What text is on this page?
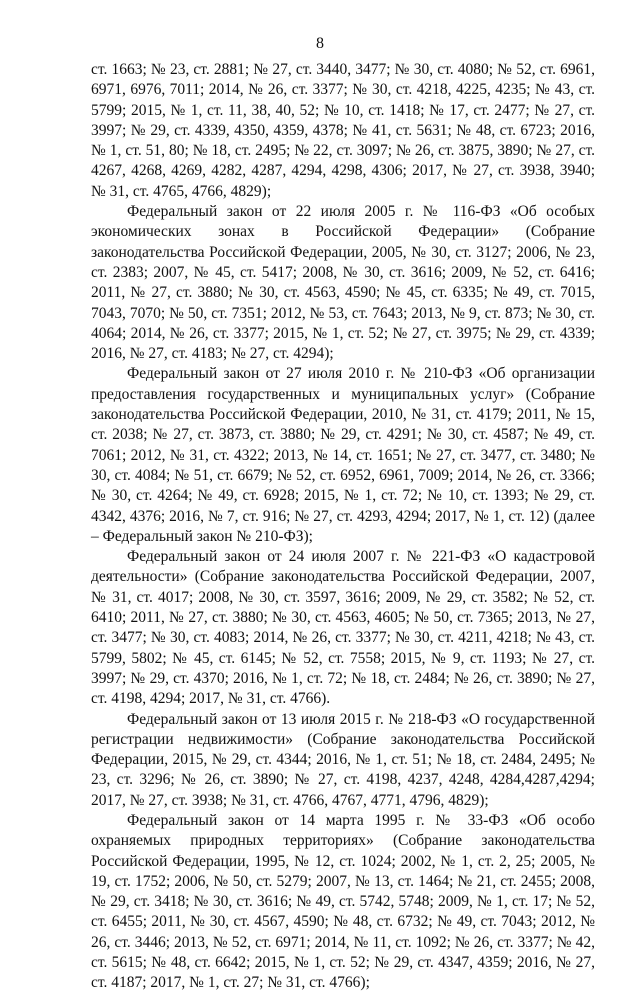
8

ст. 1663; № 23, ст. 2881; № 27, ст. 3440, 3477; № 30, ст. 4080; № 52, ст. 6961, 6971, 6976, 7011; 2014, № 26, ст. 3377; № 30, ст. 4218, 4225, 4235; № 43, ст. 5799; 2015, № 1, ст. 11, 38, 40, 52; № 10, ст. 1418; № 17, ст. 2477; № 27, ст. 3997; № 29, ст. 4339, 4350, 4359, 4378; № 41, ст. 5631; № 48, ст. 6723; 2016, № 1, ст. 51, 80; № 18, ст. 2495; № 22, ст. 3097; № 26, ст. 3875, 3890; № 27, ст. 4267, 4268, 4269, 4282, 4287, 4294, 4298, 4306; 2017, № 27, ст. 3938, 3940; № 31, ст. 4765, 4766, 4829);

Федеральный закон от 22 июля 2005 г. № 116-ФЗ «Об особых экономических зонах в Российской Федерации» (Собрание законодательства Российской Федерации, 2005, № 30, ст. 3127; 2006, № 23, ст. 2383; 2007, № 45, ст. 5417; 2008, № 30, ст. 3616; 2009, № 52, ст. 6416; 2011, № 27, ст. 3880; № 30, ст. 4563, 4590; № 45, ст. 6335; № 49, ст. 7015, 7043, 7070; № 50, ст. 7351; 2012, № 53, ст. 7643; 2013, № 9, ст. 873; № 30, ст. 4064; 2014, № 26, ст. 3377; 2015, № 1, ст. 52; № 27, ст. 3975; № 29, ст. 4339; 2016, № 27, ст. 4183; № 27, ст. 4294);

Федеральный закон от 27 июля 2010 г. № 210-ФЗ «Об организации предоставления государственных и муниципальных услуг» (Собрание законодательства Российской Федерации, 2010, № 31, ст. 4179; 2011, № 15, ст. 2038; № 27, ст. 3873, ст. 3880; № 29, ст. 4291; № 30, ст. 4587; № 49, ст. 7061; 2012, № 31, ст. 4322; 2013, № 14, ст. 1651; № 27, ст. 3477, ст. 3480; № 30, ст. 4084; № 51, ст. 6679; № 52, ст. 6952, 6961, 7009; 2014, № 26, ст. 3366; № 30, ст. 4264; № 49, ст. 6928; 2015, № 1, ст. 72; № 10, ст. 1393; № 29, ст. 4342, 4376; 2016, № 7, ст. 916; № 27, ст. 4293, 4294; 2017, № 1, ст. 12) (далее – Федеральный закон № 210-ФЗ);

Федеральный закон от 24 июля 2007 г. № 221-ФЗ «О кадастровой деятельности» (Собрание законодательства Российской Федерации, 2007, № 31, ст. 4017; 2008, № 30, ст. 3597, 3616; 2009, № 29, ст. 3582; № 52, ст. 6410; 2011, № 27, ст. 3880; № 30, ст. 4563, 4605; № 50, ст. 7365; 2013, № 27, ст. 3477; № 30, ст. 4083; 2014, № 26, ст. 3377; № 30, ст. 4211, 4218; № 43, ст. 5799, 5802; № 45, ст. 6145; № 52, ст. 7558; 2015, № 9, ст. 1193; № 27, ст. 3997; № 29, ст. 4370; 2016, № 1, ст. 72; № 18, ст. 2484; № 26, ст. 3890; № 27, ст. 4198, 4294; 2017, № 31, ст. 4766).

Федеральный закон от 13 июля 2015 г. № 218-ФЗ «О государственной регистрации недвижимости» (Собрание законодательства Российской Федерации, 2015, № 29, ст. 4344; 2016, № 1, ст. 51; № 18, ст. 2484, 2495; № 23, ст. 3296; № 26, ст. 3890; № 27, ст. 4198, 4237, 4248, 4284,4287,4294; 2017, № 27, ст. 3938; № 31, ст. 4766, 4767, 4771, 4796, 4829);

Федеральный закон от 14 марта 1995 г. № 33-ФЗ «Об особо охраняемых природных территориях» (Собрание законодательства Российской Федерации, 1995, № 12, ст. 1024; 2002, № 1, ст. 2, 25; 2005, № 19, ст. 1752; 2006, № 50, ст. 5279; 2007, № 13, ст. 1464; № 21, ст. 2455; 2008, № 29, ст. 3418; № 30, ст. 3616; № 49, ст. 5742, 5748; 2009, № 1, ст. 17; № 52, ст. 6455; 2011, № 30, ст. 4567, 4590; № 48, ст. 6732; № 49, ст. 7043; 2012, № 26, ст. 3446; 2013, № 52, ст. 6971; 2014, № 11, ст. 1092; № 26, ст. 3377; № 42, ст. 5615; № 48, ст. 6642; 2015, № 1, ст. 52; № 29, ст. 4347, 4359; 2016, № 27, ст. 4187; 2017, № 1, ст. 27; № 31, ст. 4766);
